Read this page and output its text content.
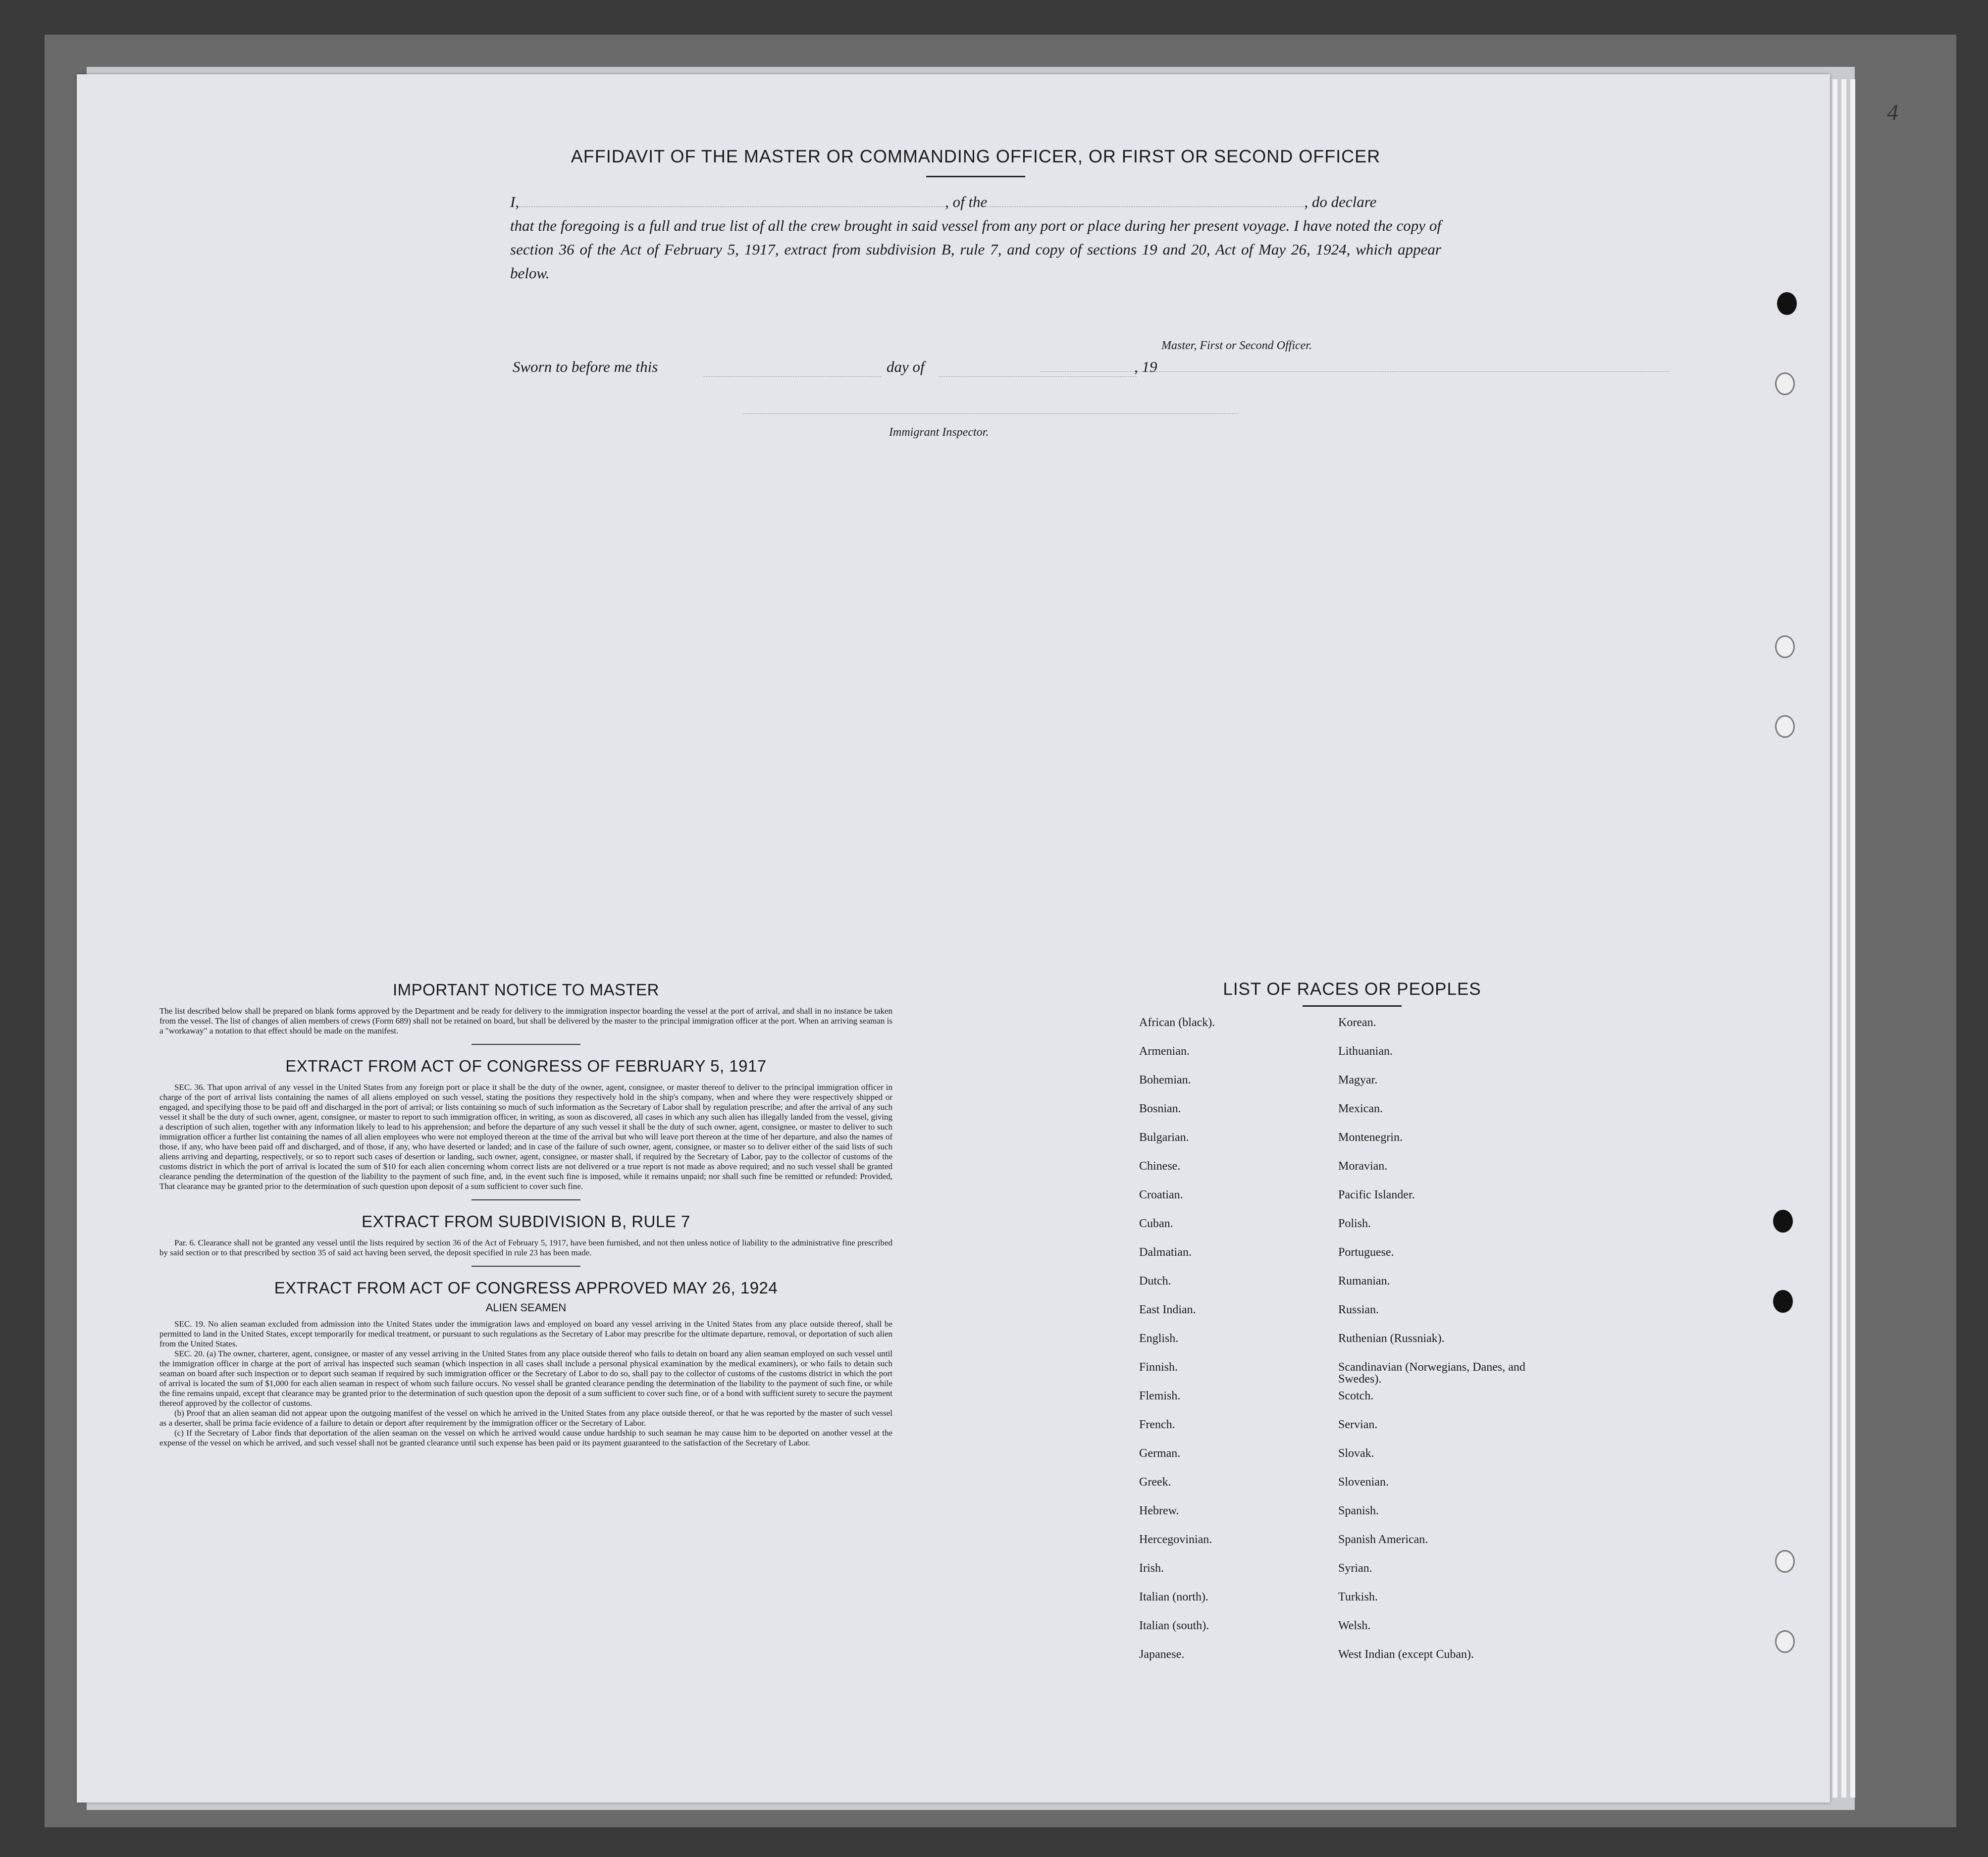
4

AFFIDAVIT OF THE MASTER OR COMMANDING OFFICER, OR FIRST OR SECOND OFFICER

I,	, of the	, do declare

that the foregoing is a full and true list of all the crew brought in said vessel from any port or place during her present voyage. I have noted the copy of section 36 of the Act of February 5, 1917, extract from subdivision B, rule 7, and copy of sections 19 and 20, Act of May 26, 1924, which appear below.

Master, First or Second Officer.
Sworn to before me this	day of	, 19
Immigrant Inspector.
IMPORTANT NOTICE TO MASTER

The list described below shall be prepared on blank forms approved by the Department and be ready for delivery to the immigration inspector boarding the vessel at the port of arrival, and shall in no instance be taken from the vessel. The list of changes of alien members of crews (Form 689) shall not be retained on board, but shall be delivered by the master to the principal immigration officer at the port. When an arriving seaman is a "workaway" a notation to that effect should be made on the manifest.

EXTRACT FROM ACT OF CONGRESS OF FEBRUARY 5, 1917

SEC. 36. That upon arrival of any vessel in the United States from any foreign port or place it shall be the duty of the owner, agent, consignee, or master thereof to deliver to the principal immigration officer in charge of the port of arrival lists containing the names of all aliens employed on such vessel, stating the positions they respectively hold in the ship's company, when and where they were respectively shipped or engaged, and specifying those to be paid off and discharged in the port of arrival; or lists containing so much of such information as the Secretary of Labor shall by regulation prescribe; and after the arrival of any such vessel it shall be the duty of such owner, agent, consignee, or master to report to such immigration officer, in writing, as soon as discovered, all cases in which any such alien has illegally landed from the vessel, giving a description of such alien, together with any information likely to lead to his apprehension; and before the departure of any such vessel it shall be the duty of such owner, agent, consignee, or master to deliver to such immigration officer a further list containing the names of all alien employees who were not employed thereon at the time of the arrival but who will leave port thereon at the time of her departure, and also the names of those, if any, who have been paid off and discharged, and of those, if any, who have deserted or landed; and in case of the failure of such owner, agent, consignee, or master so to deliver either of the said lists of such aliens arriving and departing, respectively, or so to report such cases of desertion or landing, such owner, agent, consignee, or master shall, if required by the Secretary of Labor, pay to the collector of customs of the customs district in which the port of arrival is located the sum of $10 for each alien concerning whom correct lists are not delivered or a true report is not made as above required; and no such vessel shall be granted clearance pending the determination of the question of the liability to the payment of such fine, and, in the event such fine is imposed, while it remains unpaid; nor shall such fine be remitted or refunded: Provided, That clearance may be granted prior to the determination of such question upon deposit of a sum sufficient to cover such fine.

EXTRACT FROM SUBDIVISION B, RULE 7

Par. 6. Clearance shall not be granted any vessel until the lists required by section 36 of the Act of February 5, 1917, have been furnished, and not then unless notice of liability to the administrative fine prescribed by said section or to that prescribed by section 35 of said act having been served, the deposit specified in rule 23 has been made.

EXTRACT FROM ACT OF CONGRESS APPROVED MAY 26, 1924

ALIEN SEAMEN

SEC. 19. No alien seaman excluded from admission into the United States under the immigration laws and employed on board any vessel arriving in the United States from any place outside thereof, shall be permitted to land in the United States, except temporarily for medical treatment, or pursuant to such regulations as the Secretary of Labor may prescribe for the ultimate departure, removal, or deportation of such alien from the United States.

SEC. 20. (a) The owner, charterer, agent, consignee, or master of any vessel arriving in the United States from any place outside thereof who fails to detain on board any alien seaman employed on such vessel until the immigration officer in charge at the port of arrival has inspected such seaman (which inspection in all cases shall include a personal physical examination by the medical examiners), or who fails to detain such seaman on board after such inspection or to deport such seaman if required by such immigration officer or the Secretary of Labor to do so, shall pay to the collector of customs of the customs district in which the port of arrival is located the sum of $1,000 for each alien seaman in respect of whom such failure occurs. No vessel shall be granted clearance pending the determination of the liability to the payment of such fine, or while the fine remains unpaid, except that clearance may be granted prior to the determination of such question upon the deposit of a sum sufficient to cover such fine, or of a bond with sufficient surety to secure the payment thereof approved by the collector of customs.

(b) Proof that an alien seaman did not appear upon the outgoing manifest of the vessel on which he arrived in the United States from any place outside thereof, or that he was reported by the master of such vessel as a deserter, shall be prima facie evidence of a failure to detain or deport after requirement by the immigration officer or the Secretary of Labor.

(c) If the Secretary of Labor finds that deportation of the alien seaman on the vessel on which he arrived would cause undue hardship to such seaman he may cause him to be deported on another vessel at the expense of the vessel on which he arrived, and such vessel shall not be granted clearance until such expense has been paid or its payment guaranteed to the satisfaction of the Secretary of Labor.

LIST OF RACES OR PEOPLES
African (black).	Korean.
Armenian.	Lithuanian.
Bohemian.	Magyar.
Bosnian.	Mexican.
Bulgarian.	Montenegrin.
Chinese.	Moravian.
Croatian.	Pacific Islander.
Cuban.	Polish.
Dalmatian.	Portuguese.
Dutch.	Rumanian.
East Indian.	Russian.
English.	Ruthenian (Russniak).
Finnish.	Scandinavian (Norwegians, Danes, and Swedes).
Flemish.	Scotch.
French.	Servian.
German.	Slovak.
Greek.	Slovenian.
Hebrew.	Spanish.
Hercegovinian.	Spanish American.
Irish.	Syrian.
Italian (north).	Turkish.
Italian (south).	Welsh.
Japanese.	West Indian (except Cuban).
